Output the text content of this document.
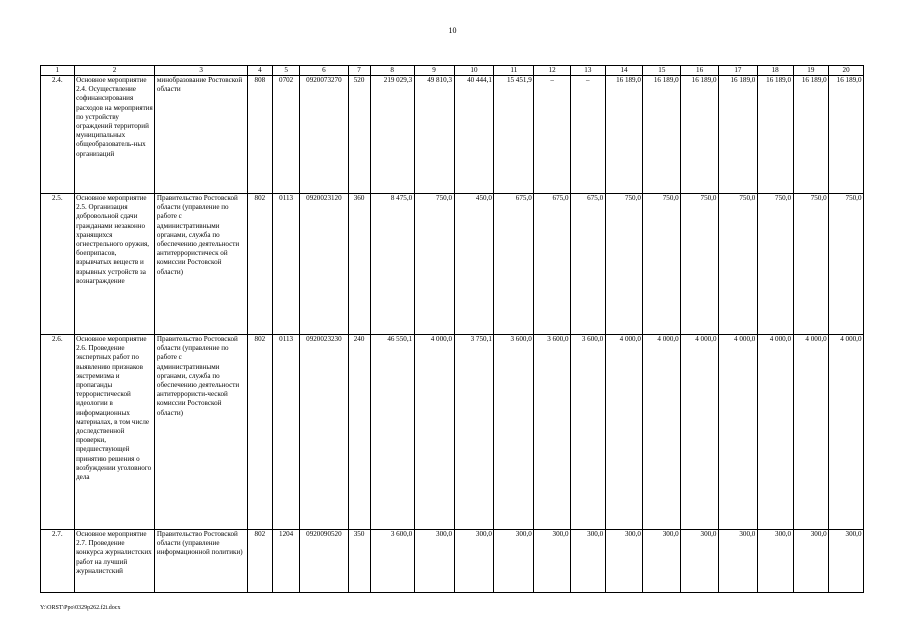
10
1	2	3	4	5	6	7	8	9	10	11	12	13	14	15	16	17	18	19	20
2.4.	Основное мероприятие 2.4. Осуществление софинансирования расходов на мероприятия по устройству ограждений территорий муниципальных общеобразователь-ных организаций	минобразование Ростовской области	808	0702	0920073270	520	219 029,3	49 810,3	40 444,1	15 451,9	–	–	16 189,0	16 189,0	16 189,0	16 189,0	16 189,0	16 189,0	16 189,0
2.5.	Основное мероприятие 2.5. Организация добровольной сдачи гражданами незаконно хранящихся огнестрельного оружия, боеприпасов, взрывчатых веществ и взрывных устройств за вознаграждение	Правительство Ростовской области (управление по работе с административными органами, служба по обеспечению деятельности антитеррористическ ой комиссии Ростовской области)	802	0113	0920023120	360	8 475,0	750,0	450,0	675,0	675,0	675,0	750,0	750,0	750,0	750,0	750,0	750,0	750,0
2.6.	Основное мероприятие 2.6. Проведение экспертных работ по выявлению признаков экстремизма и пропаганды террористической идеологии в информационных материалах, в том числе доследственной проверки, предшествующей принятию решения о возбуждении уголовного дела	Правительство Ростовской области (управление по работе с административными органами, служба по обеспечению деятельности антитеррористи-ческой комиссии Ростовской области)	802	0113	0920023230	240	46 550,1	4 000,0	3 750,1	3 600,0	3 600,0	3 600,0	4 000,0	4 000,0	4 000,0	4 000,0	4 000,0	4 000,0	4 000,0
2.7.	Основное мероприятие 2.7. Проведение конкурса журналистских работ на лучший журналистский	Правительство Ростовской области (управление информационной политики)	802	1204	0920090520	350	3 600,0	300,0	300,0	300,0	300,0	300,0	300,0	300,0	300,0	300,0	300,0	300,0	300,0
Y:\ORST\Ppo\0329p262.f2i.docx
